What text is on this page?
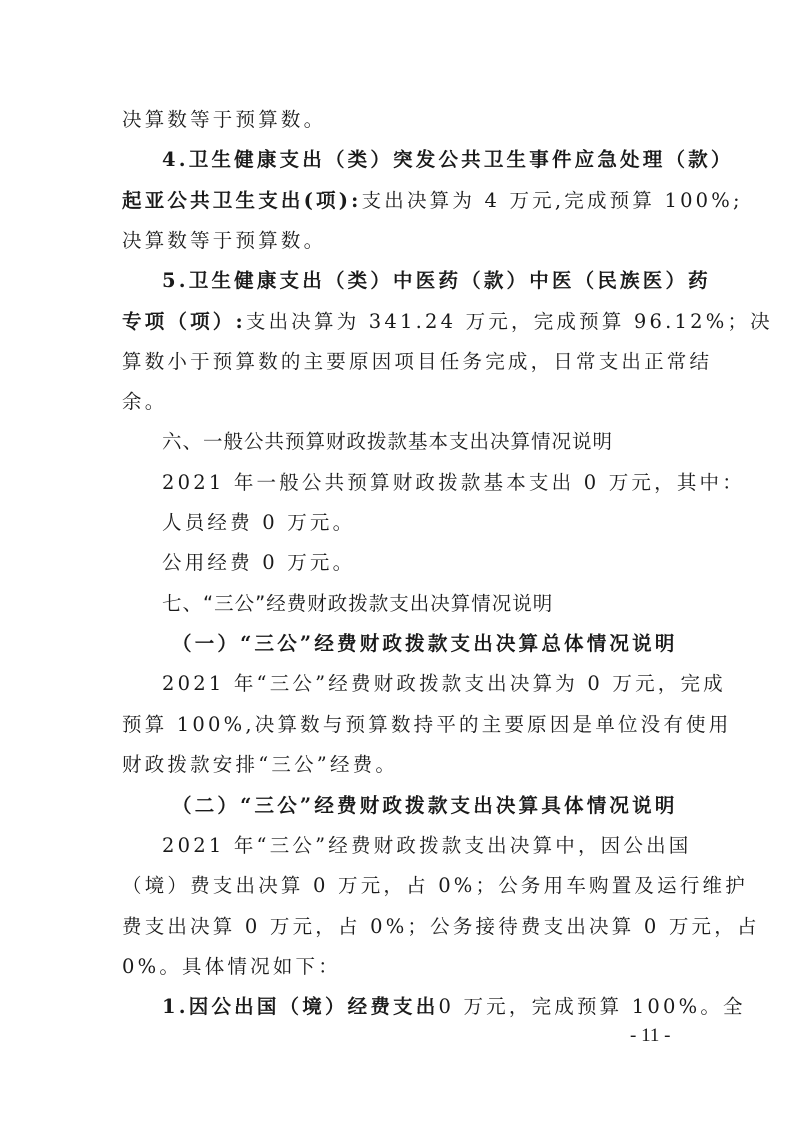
决算数等于预算数。
4.卫生健康支出（类）突发公共卫生事件应急处理（款）
起亚公共卫生支出(项):支出决算为 4 万元,完成预算 100%;
决算数等于预算数。
5.卫生健康支出（类）中医药（款）中医（民族医）药
专项（项）:支出决算为 341.24 万元，完成预算 96.12%；决
算数小于预算数的主要原因项目任务完成，日常支出正常结
余。
六、一般公共预算财政拨款基本支出决算情况说明
2021 年一般公共预算财政拨款基本支出 0 万元，其中：
人员经费 0 万元。
公用经费 0 万元。
七、“三公”经费财政拨款支出决算情况说明
（一）“三公”经费财政拨款支出决算总体情况说明
2021 年“三公”经费财政拨款支出决算为 0 万元，完成
预算 100%,决算数与预算数持平的主要原因是单位没有使用
财政拨款安排“三公”经费。
（二）“三公”经费财政拨款支出决算具体情况说明
2021 年“三公”经费财政拨款支出决算中，因公出国
（境）费支出决算 0 万元，占 0%；公务用车购置及运行维护
费支出决算 0 万元，占 0%；公务接待费支出决算 0 万元，占
0%。具体情况如下：
1.因公出国（境）经费支出0 万元，完成预算 100%。全
- 11 -
